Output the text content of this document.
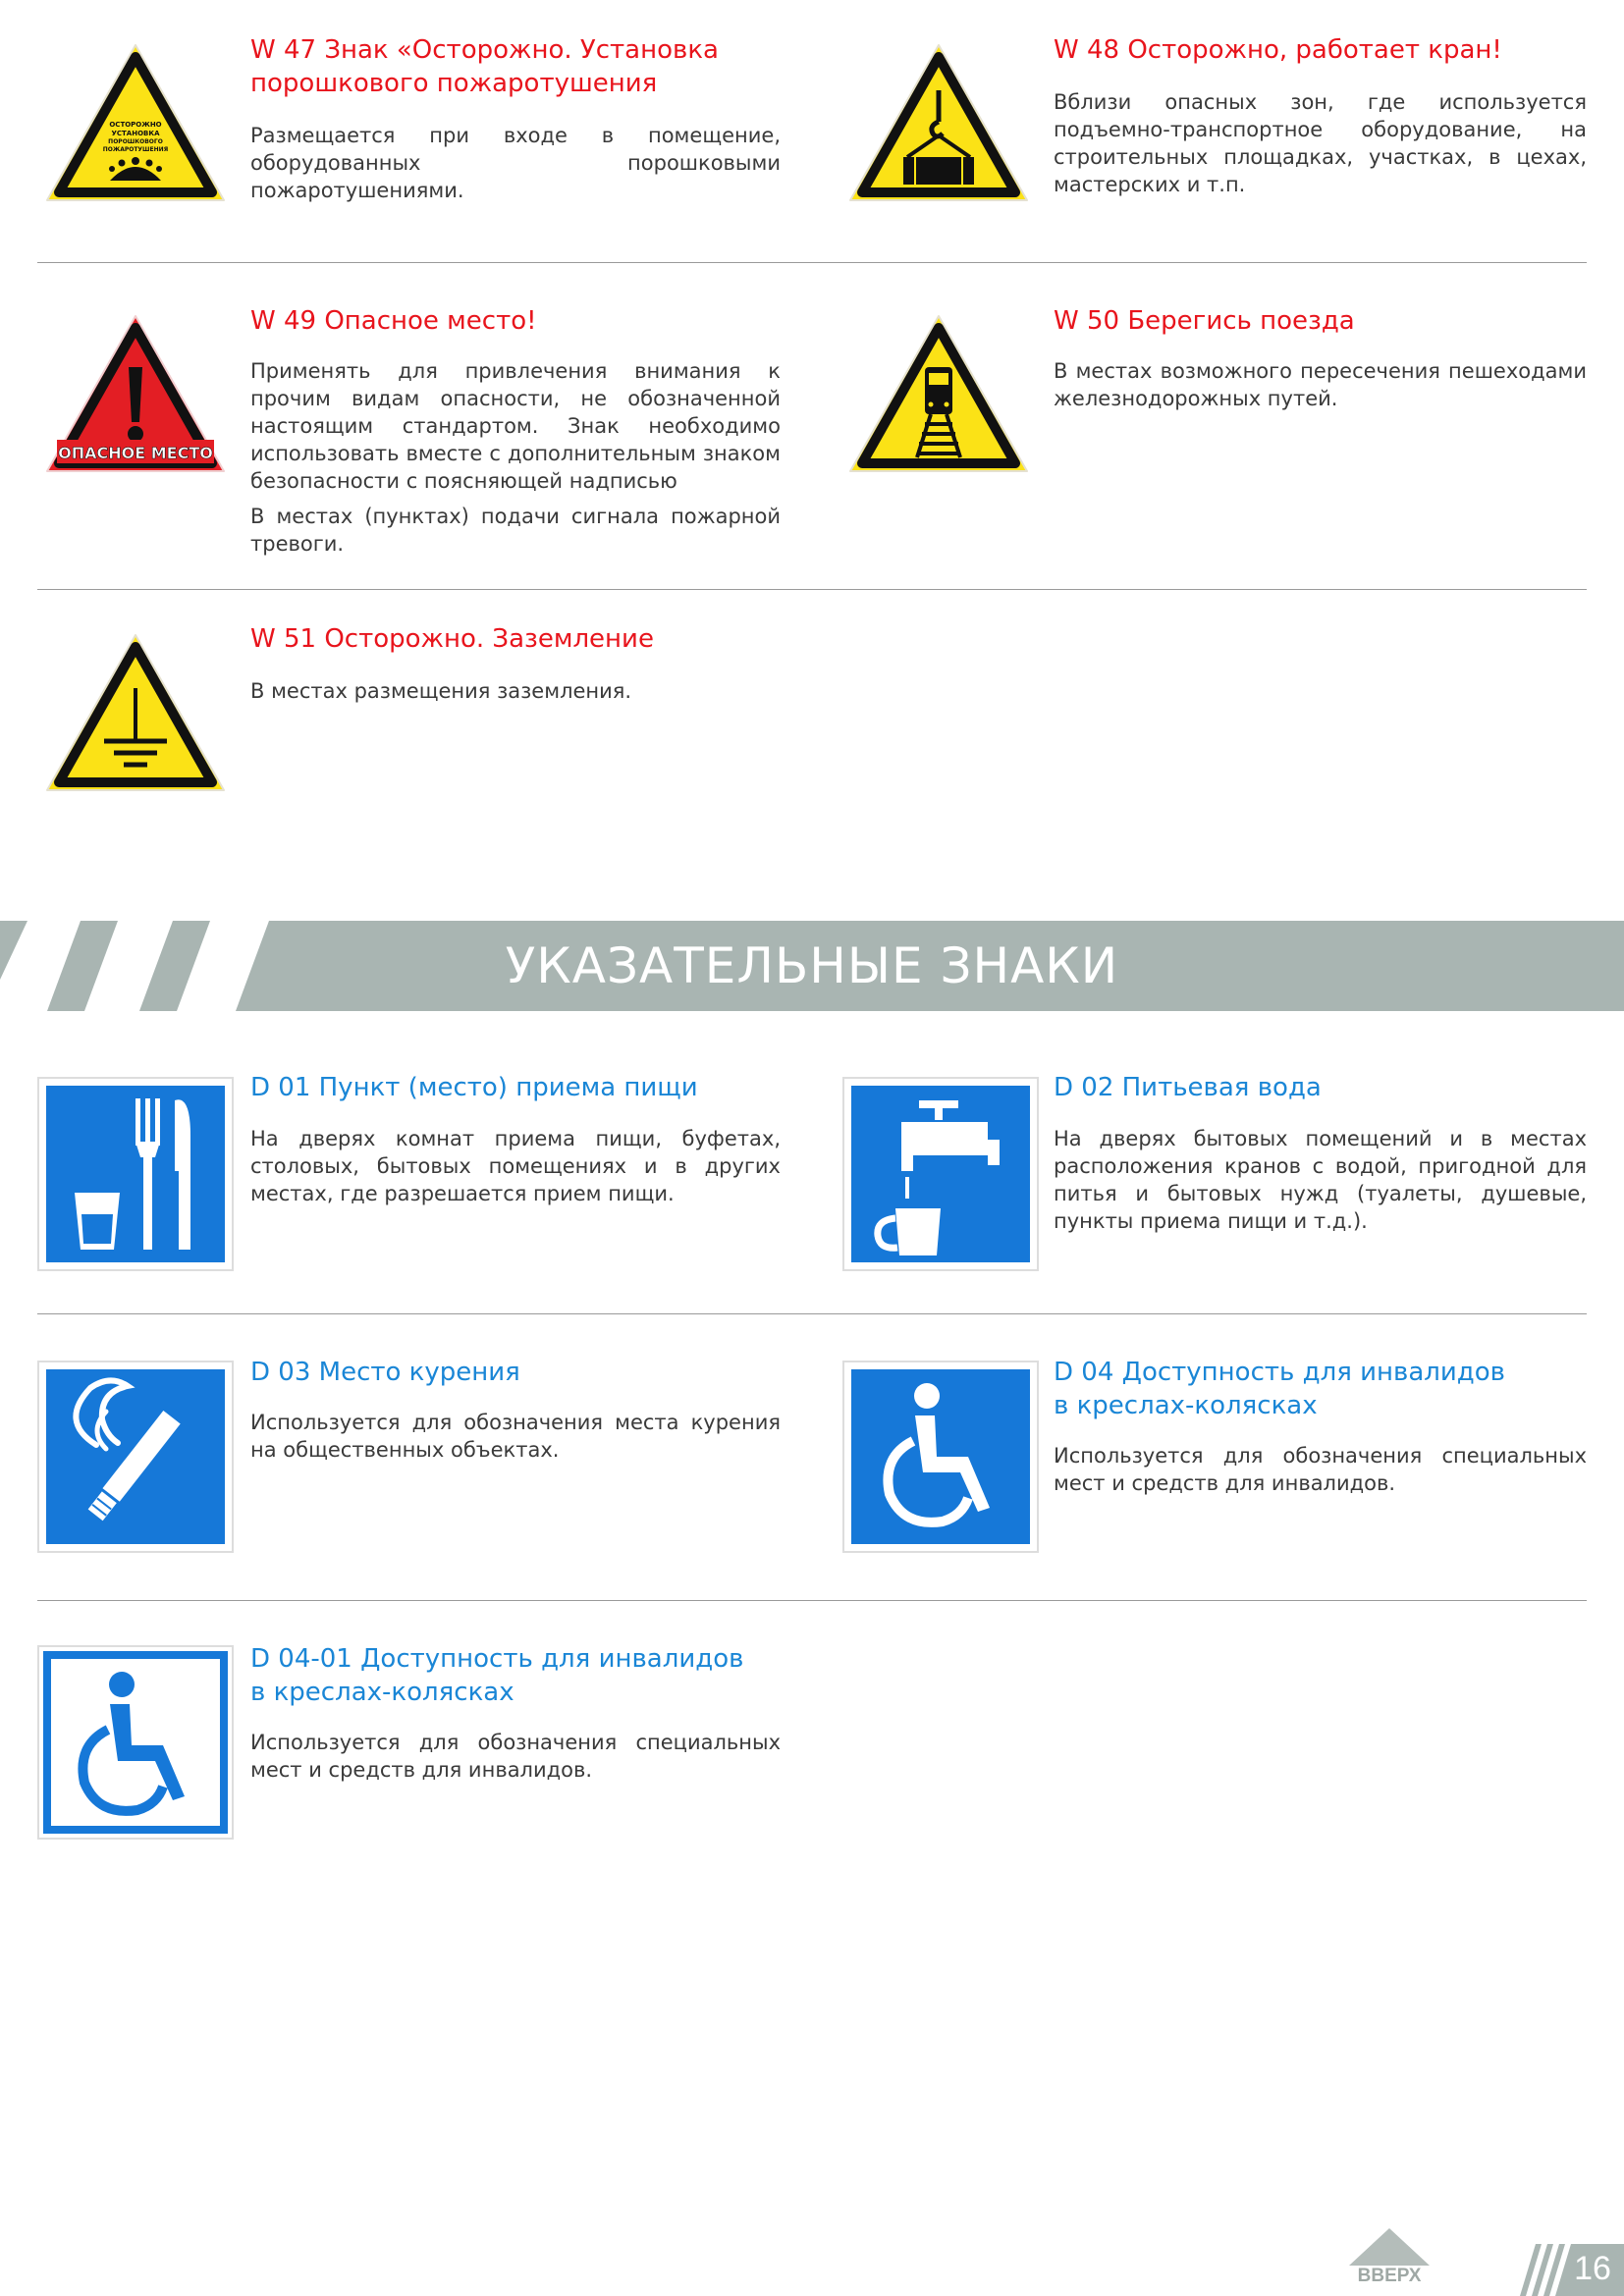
ОСТОРОЖНО
УСТАНОВКА
ПОРОШКОВОГО
ПОЖАРОТУШЕНИЯ
W 47 Знак «Осторожно. Установка
порошкового пожаротушения

Размещается при входе в помещение, оборудованных порошковыми пожаротушениями.

W 48 Осторожно, работает кран!

Вблизи опасных зон, где используется подъемно-транспортное оборудование, на строительных площадках, участках, в цехах, мастерских и т.п.

ОПАСНОЕ МЕСТО
W 49 Опасное место!

Применять для привлечения внимания к прочим видам опасности, не обозначенной настоящим стандартом. Знак необходимо использовать вместе с дополнительным знаком безопасности с поясняющей надписью

В местах (пунктах) подачи сигнала пожарной тревоги.

W 50 Берегись поезда

В местах возможного пересечения пешеходами железнодорожных путей.

W 51 Осторожно. Заземление

В местах размещения заземления.

УКАЗАТЕЛЬНЫЕ ЗНАКИ
D 01 Пункт (место) приема пищи

На дверях комнат приема пищи, буфетах, столовых, бытовых помещениях и в других местах, где разрешается прием пищи.

D 02 Питьевая вода

На дверях бытовых помещений и в местах расположения кранов с водой, пригодной для питья и бытовых нужд (туалеты, душевые, пункты приема пищи и т.д.).

D 03 Место курения

Используется для обозначения места курения на общественных объектах.

D 04 Доступность для инвалидов
в креслах-колясках

Используется для обозначения специальных мест и средств для инвалидов.

D 04-01 Доступность для инвалидов
в креслах-колясках

Используется для обозначения специальных мест и средств для инвалидов.

ВВЕРХ	16
